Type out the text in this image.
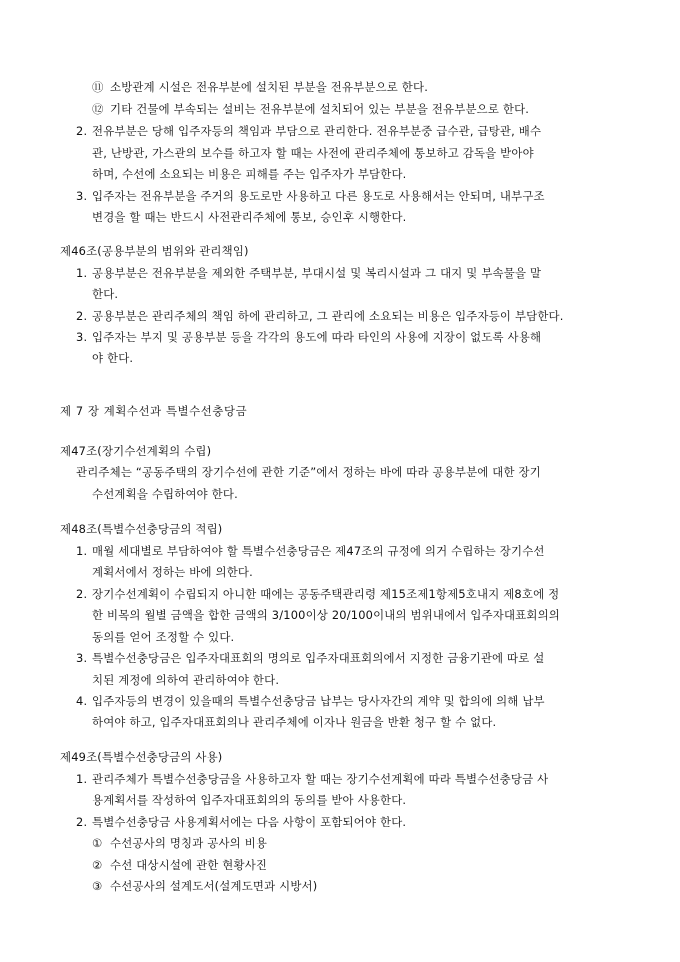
⑪ 소방관계 시설은 전유부분에 설치된 부분을 전유부분으로 한다.
⑫ 기타 건물에 부속되는 설비는 전유부분에 설치되어 있는 부분을 전유부분으로 한다.
2. 전유부분은 당해 입주자등의 책임과 부담으로 관리한다. 전유부분중 급수관, 급탕관, 배수
관, 난방관, 가스관의 보수를 하고자 할 때는 사전에 관리주체에 통보하고 감독을 받아야
하며, 수선에 소요되는 비용은 피해를 주는 입주자가 부담한다.
3. 입주자는 전유부분을 주거의 용도로만 사용하고 다른 용도로 사용해서는 안되며, 내부구조
변경을 할 때는 반드시 사전관리주체에 통보, 승인후 시행한다.
제46조(공용부분의 범위와 관리책임)
1. 공용부분은 전유부분을 제외한 주택부분, 부대시설 및 복리시설과 그 대지 및 부속물을 말
한다.
2. 공용부분은 관리주체의 책임 하에 관리하고, 그 관리에 소요되는 비용은 입주자등이 부담한다.
3. 입주자는 부지 및 공용부분 등을 각각의 용도에 따라 타인의 사용에 지장이 없도록 사용해
야 한다.
제 7 장 계획수선과 특별수선충당금
제47조(장기수선계획의 수립)
관리주체는 “공동주택의 장기수선에 관한 기준”에서 정하는 바에 따라 공용부분에 대한 장기
수선계획을 수립하여야 한다.
제48조(특별수선충당금의 적립)
1. 매월 세대별로 부담하여야 할 특별수선충당금은 제47조의 규정에 의거 수립하는 장기수선
계획서에서 정하는 바에 의한다.
2. 장기수선계획이 수립되지 아니한 때에는 공동주택관리령 제15조제1항제5호내지 제8호에 정
한 비목의 월별 금액을 합한 금액의 3/100이상 20/100이내의 범위내에서 입주자대표회의의
동의를 얻어 조정할 수 있다.
3. 특별수선충당금은 입주자대표회의 명의로 입주자대표회의에서 지정한 금융기관에 따로 설
치된 계정에 의하여 관리하여야 한다.
4. 입주자등의 변경이 있을때의 특별수선충당금 납부는 당사자간의 계약 및 합의에 의해 납부
하여야 하고, 입주자대표회의나 관리주체에 이자나 원금을 반환 청구 할 수 없다.
제49조(특별수선충당금의 사용)
1. 관리주체가 특별수선충당금을 사용하고자 할 때는 장기수선계획에 따라 특별수선충당금 사
용계획서를 작성하여 입주자대표회의의 동의를 받아 사용한다.
2. 특별수선충당금 사용계획서에는 다음 사항이 포함되어야 한다.
① 수선공사의 명칭과 공사의 비용
② 수선 대상시설에 관한 현황사진
③ 수선공사의 설계도서(설계도면과 시방서)
